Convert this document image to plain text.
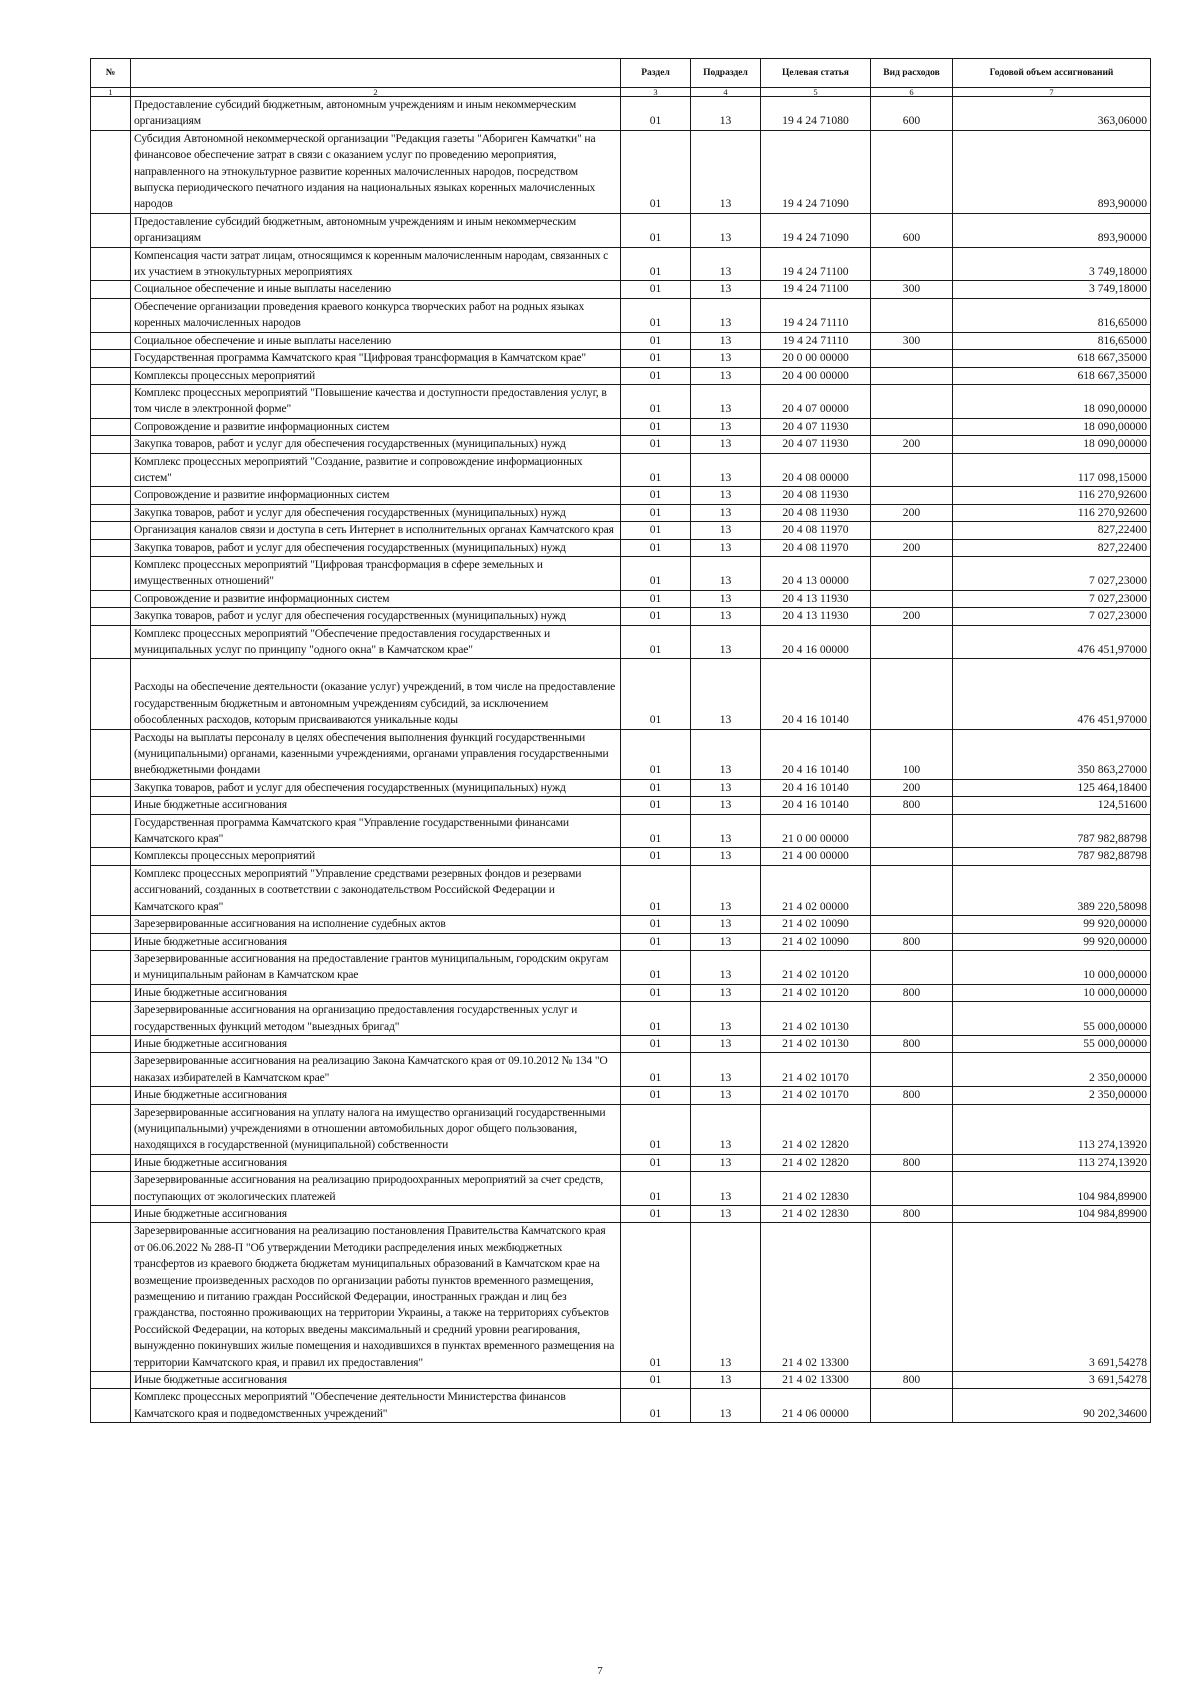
№		Раздел	Подраздел	Целевая статья	Вид расходов	Годовой объем ассигнований
1	2	3	4	5	6	7
	Предоставление субсидий бюджетным, автономным учреждениям и иным некоммерческим организациям	01	13	19 4 24 71080	600	363,06000
	Субсидия Автономной некоммерческой организации "Редакция газеты "Абориген Камчатки" на финансовое обеспечение затрат в связи с оказанием услуг по проведению мероприятия, направленного на этнокультурное развитие коренных малочисленных народов, посредством выпуска периодического печатного издания на национальных языках коренных малочисленных народов	01	13	19 4 24 71090		893,90000
	Предоставление субсидий бюджетным, автономным учреждениям и иным некоммерческим организациям	01	13	19 4 24 71090	600	893,90000
	Компенсация части затрат лицам, относящимся к коренным малочисленным народам, связанных с их участием в этнокультурных мероприятиях	01	13	19 4 24 71100		3 749,18000
	Социальное обеспечение и иные выплаты населению	01	13	19 4 24 71100	300	3 749,18000
	Обеспечение организации проведения краевого конкурса творческих работ на родных языках коренных малочисленных народов	01	13	19 4 24 71110		816,65000
	Социальное обеспечение и иные выплаты населению	01	13	19 4 24 71110	300	816,65000
	Государственная программа Камчатского края "Цифровая трансформация в Камчатском крае"	01	13	20 0 00 00000		618 667,35000
	Комплексы процессных мероприятий	01	13	20 4 00 00000		618 667,35000
	Комплекс процессных мероприятий "Повышение качества и доступности предоставления услуг, в том числе в электронной форме"	01	13	20 4 07 00000		18 090,00000
	Сопровождение и развитие информационных систем	01	13	20 4 07 11930		18 090,00000
	Закупка товаров, работ и услуг для обеспечения государственных (муниципальных) нужд	01	13	20 4 07 11930	200	18 090,00000
	Комплекс процессных мероприятий "Создание, развитие и сопровождение информационных систем"	01	13	20 4 08 00000		117 098,15000
	Сопровождение и развитие информационных систем	01	13	20 4 08 11930		116 270,92600
	Закупка товаров, работ и услуг для обеспечения государственных (муниципальных) нужд	01	13	20 4 08 11930	200	116 270,92600
	Организация каналов связи и доступа в сеть Интернет в исполнительных органах Камчатского края	01	13	20 4 08 11970		827,22400
	Закупка товаров, работ и услуг для обеспечения государственных (муниципальных) нужд	01	13	20 4 08 11970	200	827,22400
	Комплекс процессных мероприятий "Цифровая трансформация в сфере земельных и имущественных отношений"	01	13	20 4 13 00000		7 027,23000
	Сопровождение и развитие информационных систем	01	13	20 4 13 11930		7 027,23000
	Закупка товаров, работ и услуг для обеспечения государственных (муниципальных) нужд	01	13	20 4 13 11930	200	7 027,23000
	Комплекс процессных мероприятий "Обеспечение предоставления государственных и муниципальных услуг по принципу "одного окна" в Камчатском крае"	01	13	20 4 16 00000		476 451,97000
	Расходы на обеспечение деятельности (оказание услуг) учреждений, в том числе на предоставление государственным бюджетным и автономным учреждениям субсидий, за исключением обособленных расходов, которым присваиваются уникальные коды	01	13	20 4 16 10140		476 451,97000
	Расходы на выплаты персоналу в целях обеспечения выполнения функций государственными (муниципальными) органами, казенными учреждениями, органами управления государственными внебюджетными фондами	01	13	20 4 16 10140	100	350 863,27000
	Закупка товаров, работ и услуг для обеспечения государственных (муниципальных) нужд	01	13	20 4 16 10140	200	125 464,18400
	Иные бюджетные ассигнования	01	13	20 4 16 10140	800	124,51600
	Государственная программа Камчатского края "Управление государственными финансами Камчатского края"	01	13	21 0 00 00000		787 982,88798
	Комплексы процессных мероприятий	01	13	21 4 00 00000		787 982,88798
	Комплекс процессных мероприятий "Управление средствами резервных фондов и резервами ассигнований, созданных в соответствии с законодательством Российской Федерации и Камчатского края"	01	13	21 4 02 00000		389 220,58098
	Зарезервированные ассигнования на исполнение судебных актов	01	13	21 4 02 10090		99 920,00000
	Иные бюджетные ассигнования	01	13	21 4 02 10090	800	99 920,00000
	Зарезервированные ассигнования на предоставление грантов муниципальным, городским округам и муниципальным районам в Камчатском крае	01	13	21 4 02 10120		10 000,00000
	Иные бюджетные ассигнования	01	13	21 4 02 10120	800	10 000,00000
	Зарезервированные ассигнования на организацию предоставления государственных услуг и государственных функций методом "выездных бригад"	01	13	21 4 02 10130		55 000,00000
	Иные бюджетные ассигнования	01	13	21 4 02 10130	800	55 000,00000
	Зарезервированные ассигнования на реализацию Закона Камчатского края от 09.10.2012 № 134 "О наказах избирателей в Камчатском крае"	01	13	21 4 02 10170		2 350,00000
	Иные бюджетные ассигнования	01	13	21 4 02 10170	800	2 350,00000
	Зарезервированные ассигнования на уплату налога на имущество организаций государственными (муниципальными) учреждениями в отношении автомобильных дорог общего пользования, находящихся в государственной (муниципальной) собственности	01	13	21 4 02 12820		113 274,13920
	Иные бюджетные ассигнования	01	13	21 4 02 12820	800	113 274,13920
	Зарезервированные ассигнования на реализацию природоохранных мероприятий за счет средств, поступающих от экологических платежей	01	13	21 4 02 12830		104 984,89900
	Иные бюджетные ассигнования	01	13	21 4 02 12830	800	104 984,89900
	Зарезервированные ассигнования на реализацию постановления Правительства Камчатского края от 06.06.2022 № 288-П "Об утверждении Методики распределения иных межбюджетных трансфертов из краевого бюджета бюджетам муниципальных образований в Камчатском крае на возмещение произведенных расходов по организации работы пунктов временного размещения, размещению и питанию граждан Российской Федерации, иностранных граждан и лиц без гражданства, постоянно проживающих на территории Украины, а также на территориях субъектов Российской Федерации, на которых введены максимальный и средний уровни реагирования, вынужденно покинувших жилые помещения и находившихся в пунктах временного размещения на территории Камчатского края, и правил их предоставления"	01	13	21 4 02 13300		3 691,54278
	Иные бюджетные ассигнования	01	13	21 4 02 13300	800	3 691,54278
	Комплекс процессных мероприятий "Обеспечение деятельности Министерства финансов Камчатского края и подведомственных учреждений"	01	13	21 4 06 00000		90 202,34600
7
